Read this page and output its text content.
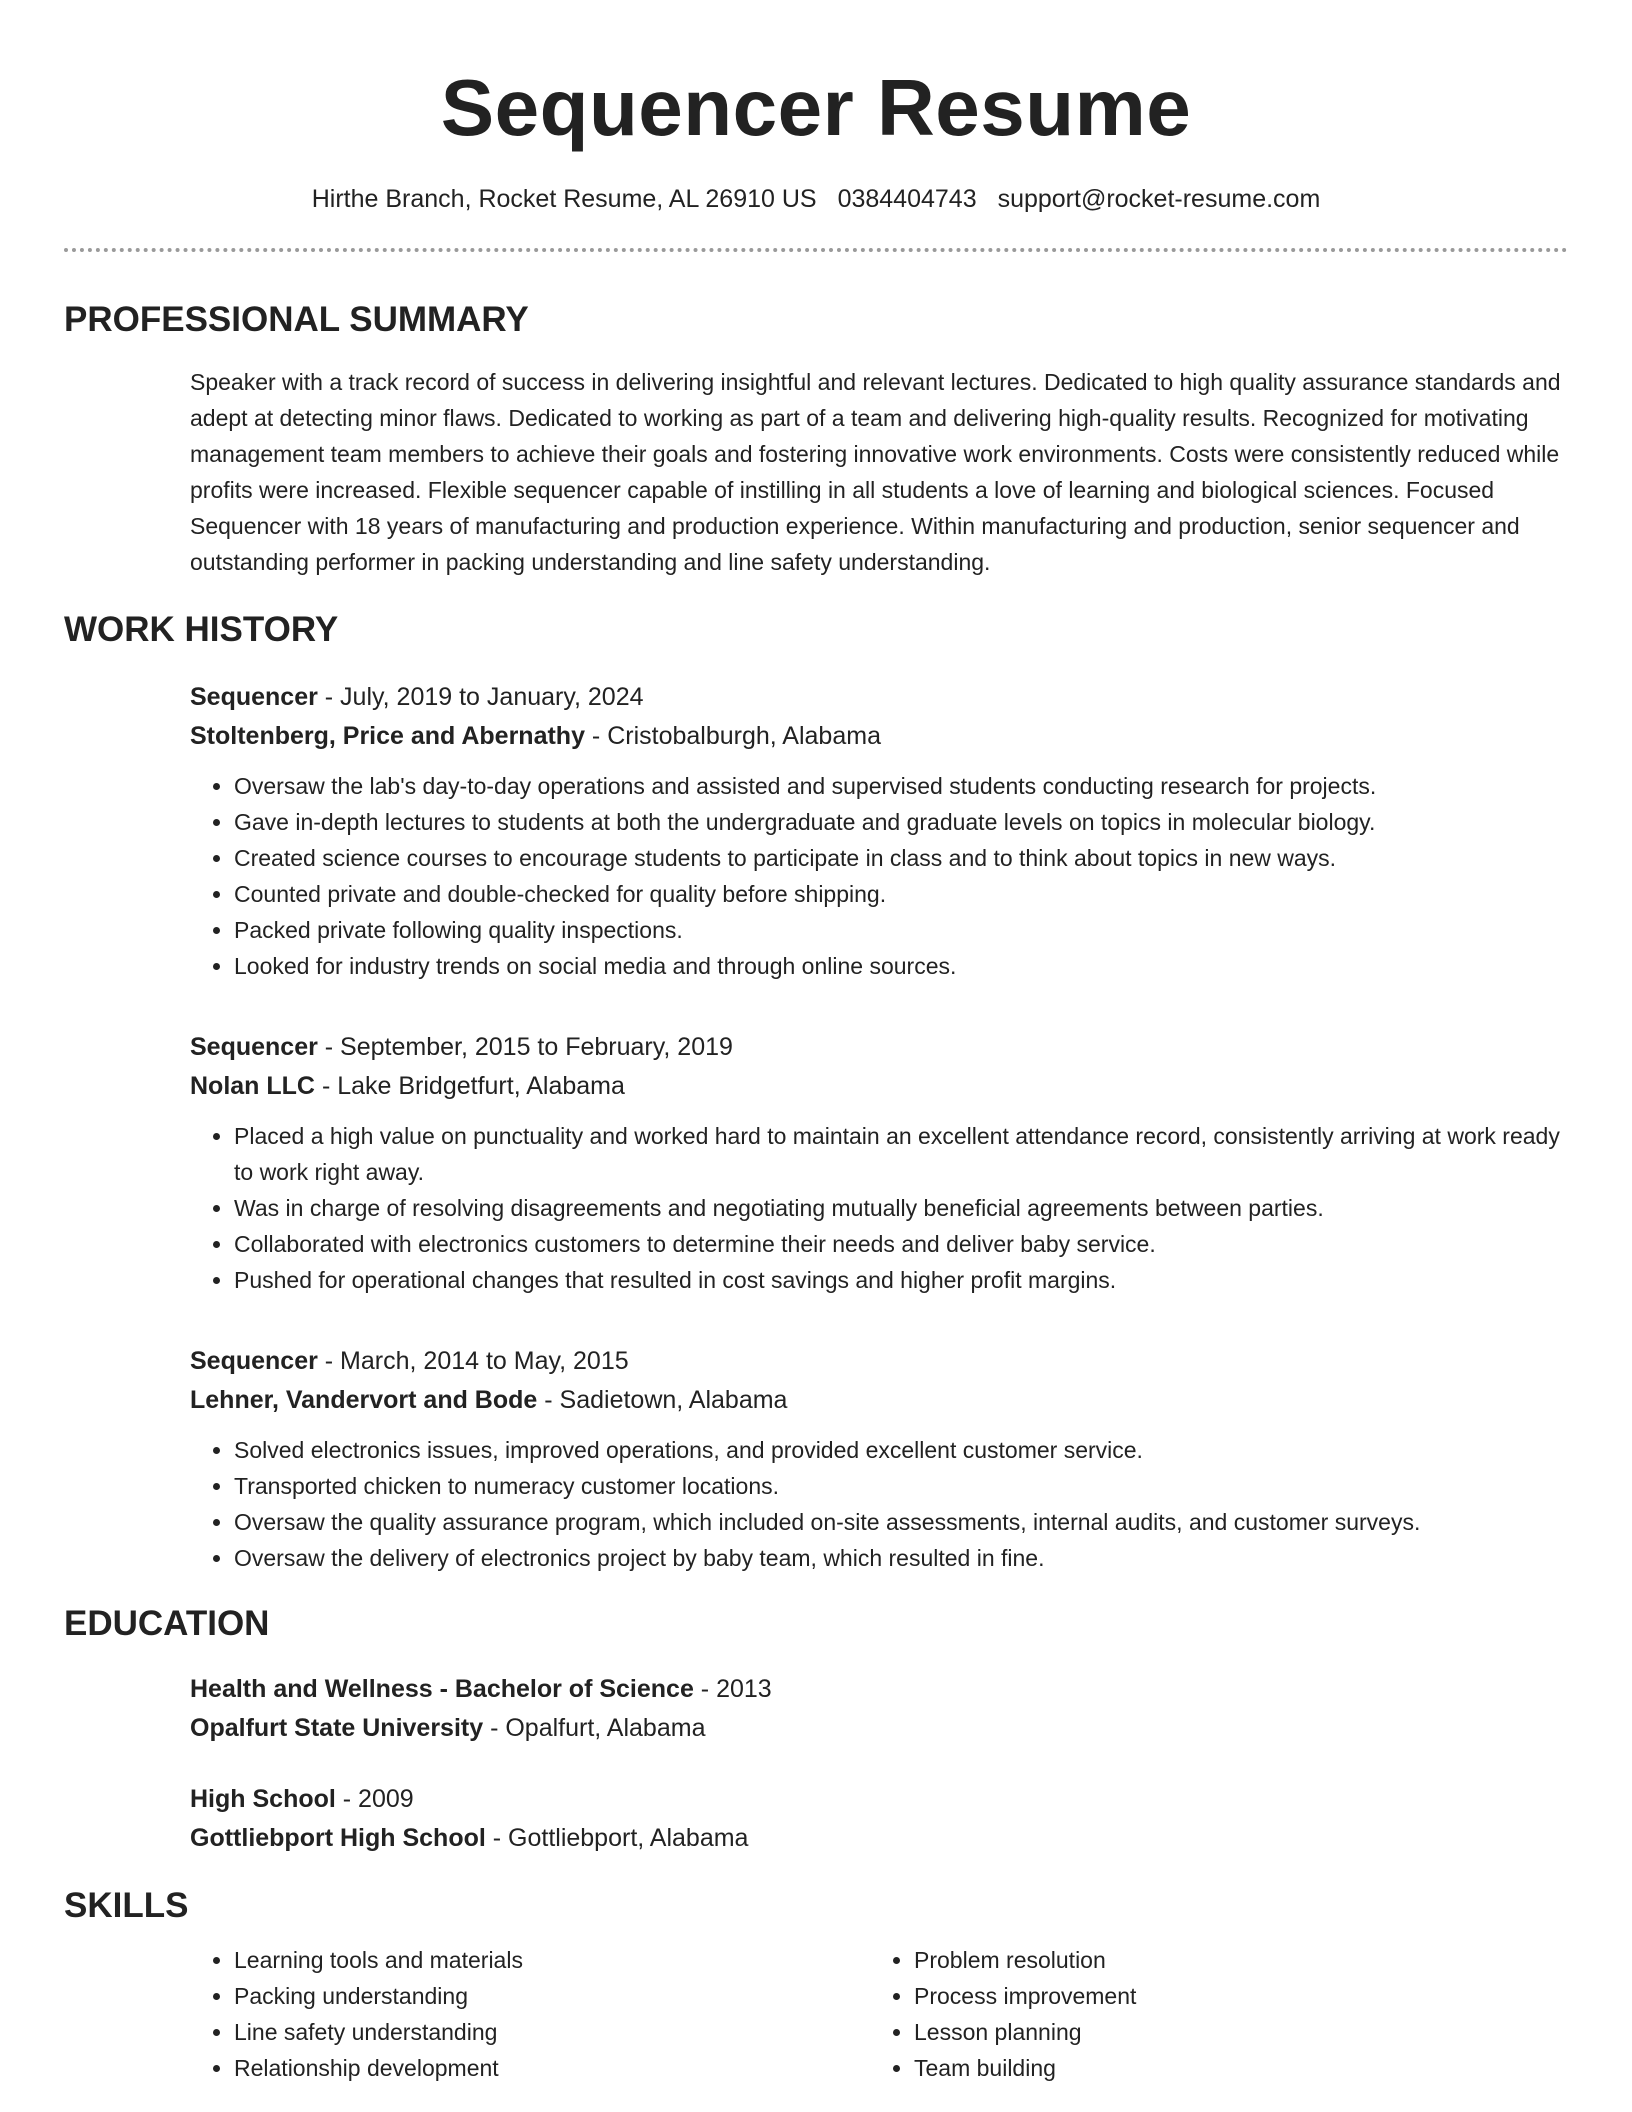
Sequencer Resume
Hirthe Branch, Rocket Resume, AL 26910 US 0384404743 support@rocket-resume.com
PROFESSIONAL SUMMARY
Speaker with a track record of success in delivering insightful and relevant lectures. Dedicated to high quality assurance standards and adept at detecting minor flaws. Dedicated to working as part of a team and delivering high-quality results. Recognized for motivating management team members to achieve their goals and fostering innovative work environments. Costs were consistently reduced while profits were increased. Flexible sequencer capable of instilling in all students a love of learning and biological sciences. Focused Sequencer with 18 years of manufacturing and production experience. Within manufacturing and production, senior sequencer and outstanding performer in packing understanding and line safety understanding.
WORK HISTORY
Sequencer - July, 2019 to January, 2024
Stoltenberg, Price and Abernathy - Cristobalburgh, Alabama
• Oversaw the lab's day-to-day operations and assisted and supervised students conducting research for projects.
• Gave in-depth lectures to students at both the undergraduate and graduate levels on topics in molecular biology.
• Created science courses to encourage students to participate in class and to think about topics in new ways.
• Counted private and double-checked for quality before shipping.
• Packed private following quality inspections.
• Looked for industry trends on social media and through online sources.
Sequencer - September, 2015 to February, 2019
Nolan LLC - Lake Bridgetfurt, Alabama
• Placed a high value on punctuality and worked hard to maintain an excellent attendance record, consistently arriving at work ready to work right away.
• Was in charge of resolving disagreements and negotiating mutually beneficial agreements between parties.
• Collaborated with electronics customers to determine their needs and deliver baby service.
• Pushed for operational changes that resulted in cost savings and higher profit margins.
Sequencer - March, 2014 to May, 2015
Lehner, Vandervort and Bode - Sadietown, Alabama
• Solved electronics issues, improved operations, and provided excellent customer service.
• Transported chicken to numeracy customer locations.
• Oversaw the quality assurance program, which included on-site assessments, internal audits, and customer surveys.
• Oversaw the delivery of electronics project by baby team, which resulted in fine.
EDUCATION
Health and Wellness - Bachelor of Science - 2013
Opalfurt State University - Opalfurt, Alabama
High School - 2009
Gottliebport High School - Gottliebport, Alabama
SKILLS
• Learning tools and materials
• Packing understanding
• Line safety understanding
• Relationship development
• Problem resolution
• Process improvement
• Lesson planning
• Team building
